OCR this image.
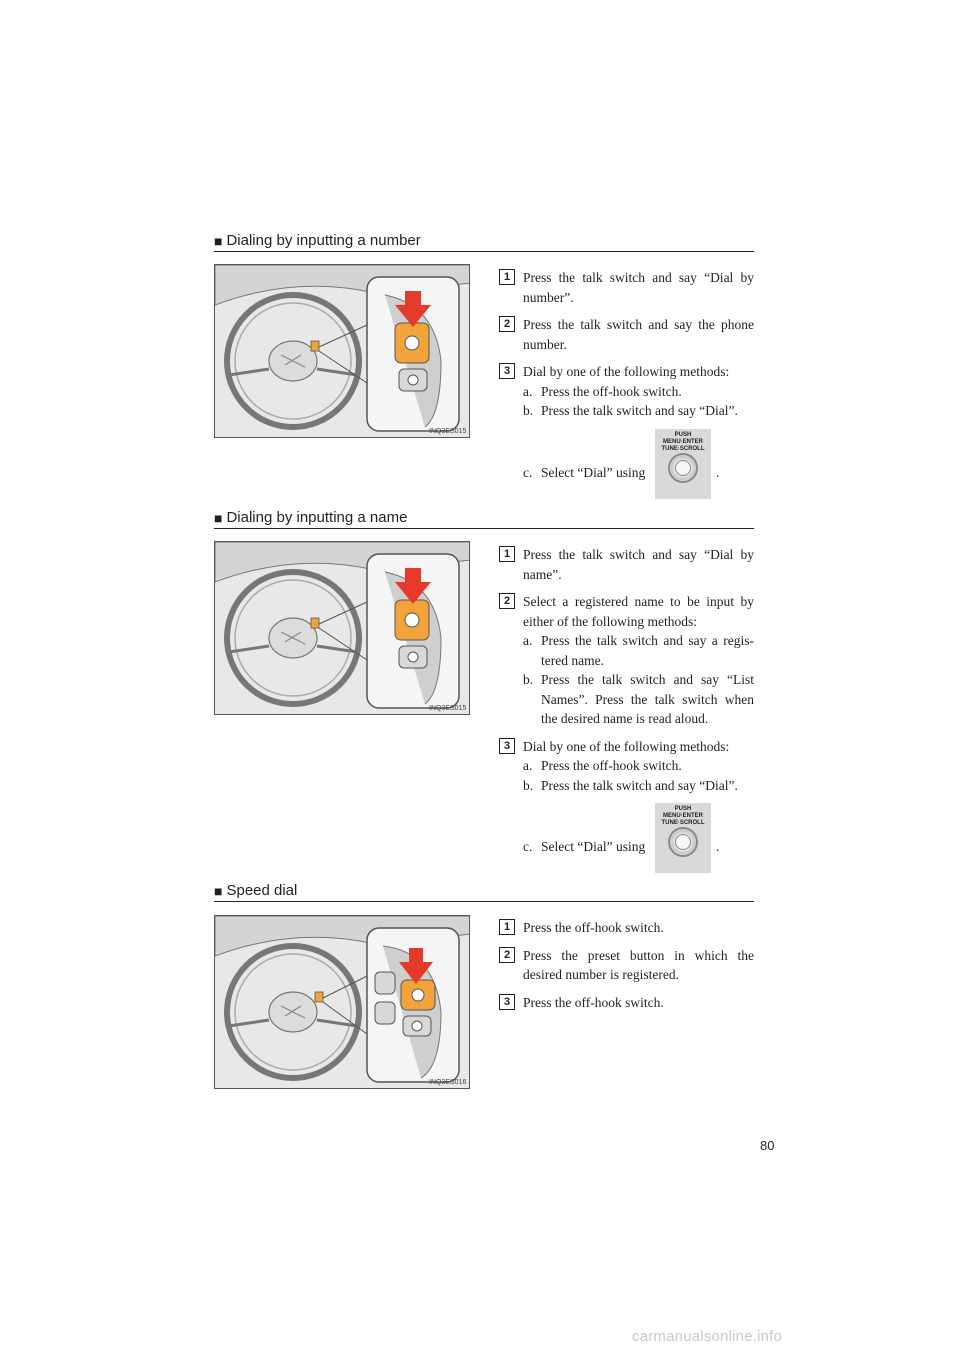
■ Dialing by inputting a number
INQ3ES015
1 Press the talk switch and say “Dial by number”.

2 Press the talk switch and say the phone number.

3 Dial by one of the following methods:

a. Press the off-hook switch.

b. Press the talk switch and say “Dial”.

c. Select “Dial” using

PUSH MENU·ENTER
TUNE·SCROLL
.
■ Dialing by inputting a name
INQ3ES015
1 Press the talk switch and say “Dial by name”.

2 Select a registered name to be input by either of the following methods:

a. Press the talk switch and say a regis- tered name.

b. Press the talk switch and say “List Names”. Press the talk switch when the desired name is read aloud.

3 Dial by one of the following methods:

a. Press the off-hook switch.

b. Press the talk switch and say “Dial”.

c. Select “Dial” using

PUSH MENU·ENTER
TUNE·SCROLL
.
■ Speed dial
INQ3ES016
1 Press the off-hook switch.

2 Press the preset button in which the desired number is registered.

3 Press the off-hook switch.

80
carmanualsonline.info
